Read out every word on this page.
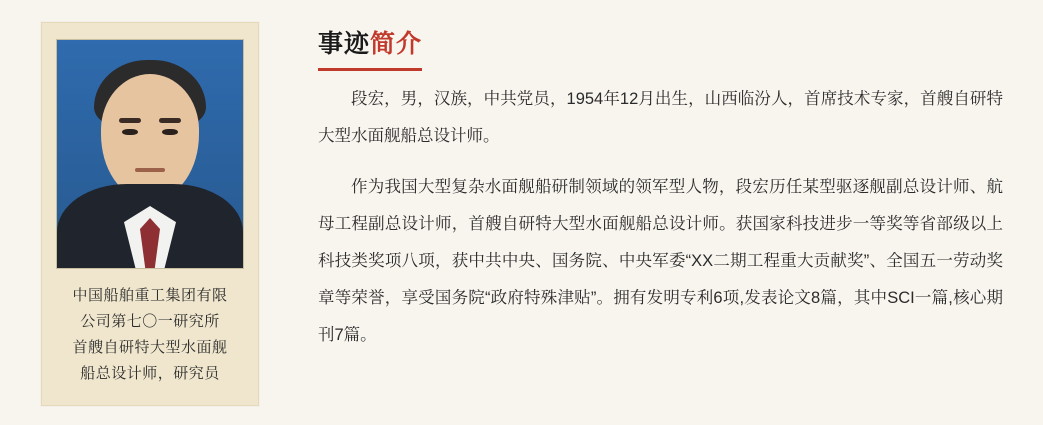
中国船舶重工集团有限
公司第七〇一研究所
首艘自研特大型水面舰
船总设计师，研究员
事迹简介

段宏，男，汉族，中共党员，1954年12月出生，山西临汾人，首席技术专家，首艘自研特大型水面舰船总设计师。

作为我国大型复杂水面舰船研制领域的领军型人物，段宏历任某型驱逐舰副总设计师、航母工程副总设计师，首艘自研特大型水面舰船总设计师。获国家科技进步一等奖等省部级以上科技类奖项八项，获中共中央、国务院、中央军委“XX二期工程重大贡献奖”、全国五一劳动奖章等荣誉，享受国务院“政府特殊津贴”。拥有发明专利6项,发表论文8篇，其中SCI一篇,核心期刊7篇。
